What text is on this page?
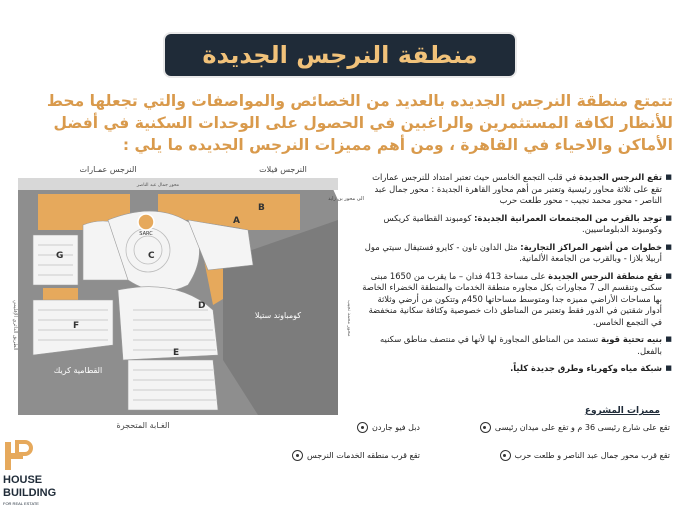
منطقة النرجس الجديدة
تتمتع منطقة النرجس الجديده بالعديد من الخصائص والمواصفات والتي تجعلها محط للأنظار لكافة المستثمرين والراغبين في الحصول على الوحدات السكنية في أفضل الأماكن والاحياء في القاهرة ، ومن أهم مميزات النرجس الجديده ما يلي :
SARC
A
B
C
D
E
F
G
النرجس عمـارات	النرجس فيلات
محور جمال عبد الناصر
كومباوند ستيلا
القطامية كريك
الغـابة المتحجرة
الى محور بن زايد
الطريق الدائري الإقليمي	محور محمد نجيب
■ تقع النرجس الجديدة في قلب التجمع الخامس حيث تعتبر امتداد للنرجس عمارات تقع على ثلاثة محاور رئيسية وتعتبر من أهم محاور القاهرة الجديدة : محور جمال عبد الناصر - محور محمد نجيب - محور طلعت حرب
■ توجد بالقرب من المجتمعات العمرانية الجديدة: كومبوند القطامية كريكس وكومبوند الدبلوماسيين.
■ خطوات من أشهر المراكز التجارية: مثل الداون تاون - كايرو فستيفال سيتي مول أربيلا بلازا - وبالقرب من الجامعة الألمانية.
■ تقع منطقة النرجس الجديدة على مساحة 413 فدان – ما يقرب من 1650 مبنى سكنى وتنقسم الى 7 مجاورات بكل مجاوره منطقة الخدمات والمنطقة الخضراء الخاصة بها مساحات الأراضي مميزه جدا ومتوسط مساحاتها 450م وتتكون من أرضي وثلاثة أدوار شقتين في الدور فقط وتعتبر من المناطق ذات خصوصية وكثافة سكانية منخفضة في التجمع الخامس.
■ بنيه تحتية قوية تستمد من المناطق المجاورة لها لأنها في منتصف مناطق سكنيه بالفعل.
■ شبكة مياه وكهرباء وطرق جديدة كلياً.
مميزات المشروع
تقع على شارع رئيسى 36 م و تقع على ميدان رئيسى
دبل فيو جاردن
تقع قرب محور جمال عبد الناصر و طلعت حرب
تقع قرب منطقه الخدمات النرجس
HOUSE
BUILDING
FOR REAL ESTATE
